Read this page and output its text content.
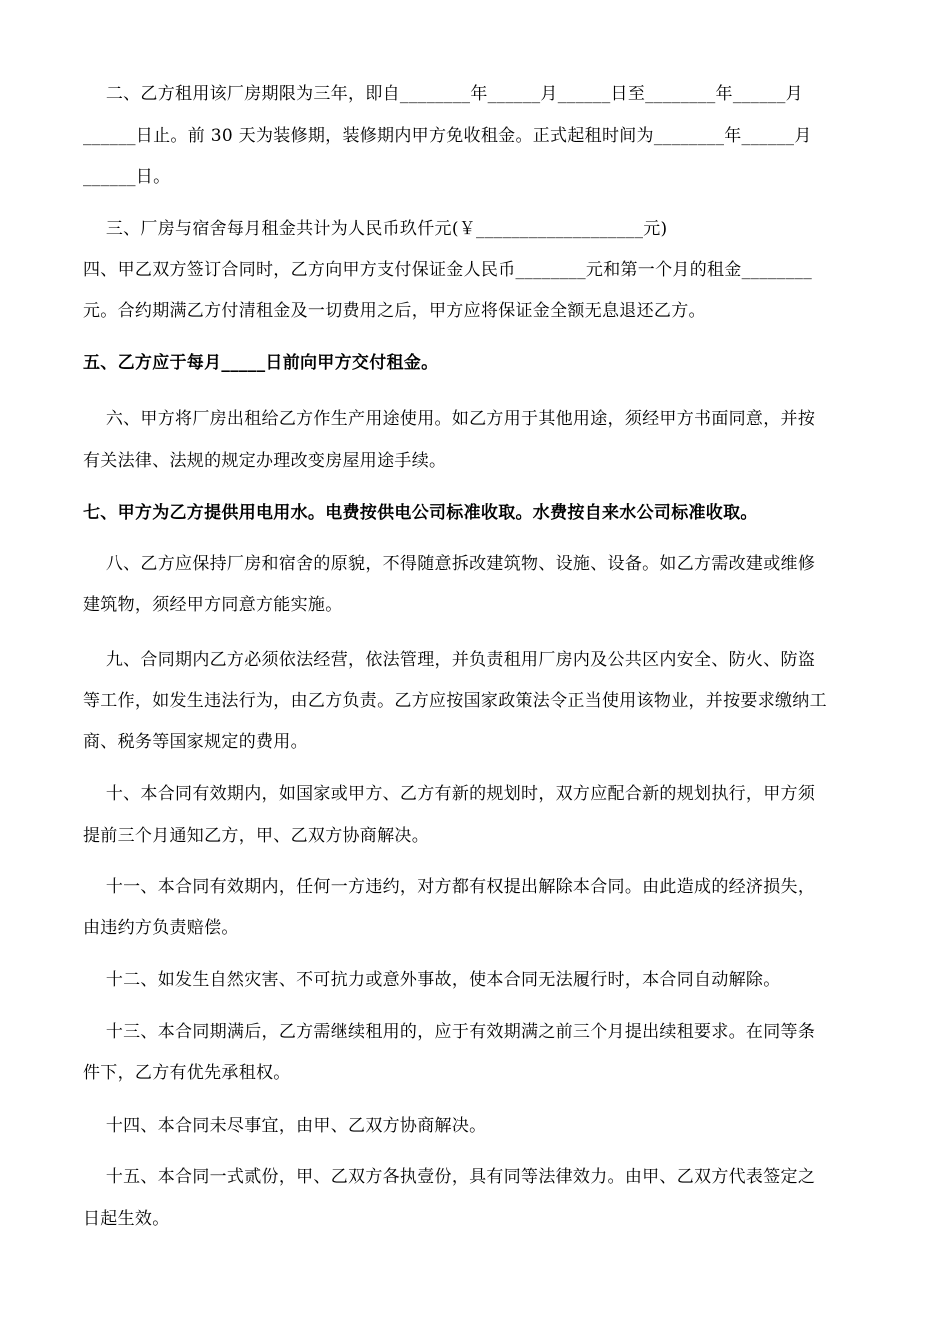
二、乙方租用该厂房期限为三年，即自________年______月______日至________年______月
______日止。前 30 天为装修期，装修期内甲方免收租金。正式起租时间为________年______月
______日。
三、厂房与宿舍每月租金共计为人民币玖仟元(￥___________________元)
四、甲乙双方签订合同时，乙方向甲方支付保证金人民币________元和第一个月的租金________
元。合约期满乙方付清租金及一切费用之后，甲方应将保证金全额无息退还乙方。
五、乙方应于每月_____日前向甲方交付租金。
六、甲方将厂房出租给乙方作生产用途使用。如乙方用于其他用途，须经甲方书面同意，并按
有关法律、法规的规定办理改变房屋用途手续。
七、甲方为乙方提供用电用水。电费按供电公司标准收取。水费按自来水公司标准收取。
八、乙方应保持厂房和宿舍的原貌，不得随意拆改建筑物、设施、设备。如乙方需改建或维修
建筑物，须经甲方同意方能实施。
九、合同期内乙方必须依法经营，依法管理，并负责租用厂房内及公共区内安全、防火、防盗
等工作，如发生违法行为，由乙方负责。乙方应按国家政策法令正当使用该物业，并按要求缴纳工
商、税务等国家规定的费用。
十、本合同有效期内，如国家或甲方、乙方有新的规划时，双方应配合新的规划执行，甲方须
提前三个月通知乙方，甲、乙双方协商解决。
十一、本合同有效期内，任何一方违约，对方都有权提出解除本合同。由此造成的经济损失，
由违约方负责赔偿。
十二、如发生自然灾害、不可抗力或意外事故，使本合同无法履行时，本合同自动解除。
十三、本合同期满后，乙方需继续租用的，应于有效期满之前三个月提出续租要求。在同等条
件下，乙方有优先承租权。
十四、本合同未尽事宜，由甲、乙双方协商解决。
十五、本合同一式贰份，甲、乙双方各执壹份，具有同等法律效力。由甲、乙双方代表签定之
日起生效。
